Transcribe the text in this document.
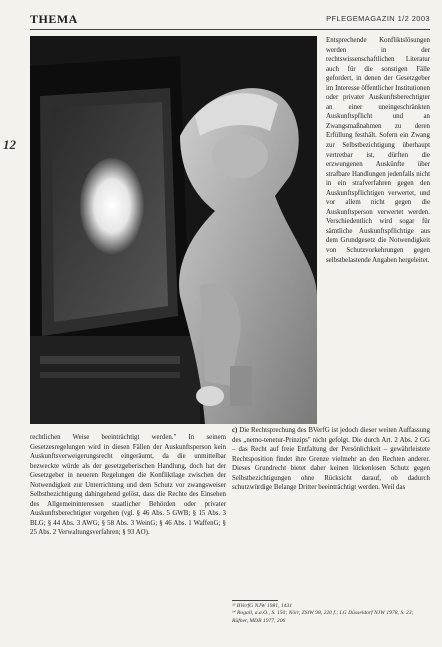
THEMA	PFLEGEMAGAZIN 1/2 2003
12
Das Zusammenspiel von Mensch und Maschine eine Quelle von Zwischenfällen

Entsprechende Konfliktslösungen werden in der rechtswissenschaftlichen Literatur auch für die sonstigen Fälle gefordert, in denen der Gesetzgeber im Interesse öffentlicher Institutionen oder privater Auskunftsberechtigter an einer uneingeschränkten Auskunftspflicht und an Zwangsmaßnahmen zu deren Erfüllung festhält. Sofern ein Zwang zur Selbstbezichtigung überhaupt vertretbar ist, dürften die erzwungenen Auskünfte über strafbare Handlungen jedenfalls nicht in ein strafverfahren gegen den Auskunftspflichtigen verwertet, und vor allem nicht gegen die Auskunftsperson verwertet werden. Verschiedentlich wird sogar für sämtliche Auskunftspflichtige aus dem Grundgesetz die Notwendigkeit von Schutzvorkehrungen gegen selbstbelastende Angaben hergeleitet.

rechtlichen Weise beeinträchtigt werden." In seinem Gesetzesregelungen wird in diesen Fällen der Auskunftsperson kein Auskunftsverweigerungsrecht eingeräumt, da die unmittelbar bezweckte würde als der gesetzgeberischen Handlung, doch hat der Gesetzgeber in neueren Regelungen die Konfliktlage zwischen der Notwendigkeit zur Unterrichtung und dem Schutz vor zwangsweiser Selbstbezichtigung dahingehend gelöst, dass die Rechte des Einsehen des Allgemeininteressen staatlicher Behörden oder privater Auskunftsberechtigter vorgehen (vgl. § 46 Abs. 5 GWB; § 15 Abs. 3 BLG; § 44 Abs. 3 AWG; § 58 Abs. 3 WeinG; § 46 Abs. 1 WaffenG; § 25 Abs. 2 Verwaltungsverfahren; § 93 AO).

c) Die Rechtsprechung des BVerfG ist jedoch dieser weiten Auffassung des „nemo-tenetur-Prinzips" nicht gefolgt. Die durch Art. 2 Abs. 2 GG – das Recht auf freie Entfaltung der Persönlichkeit – gewährleistete Rechtsposition findet ihre Grenze vielmehr an den Rechten anderer. Dieses Grundrecht bietet daher keinen lückenlosen Schutz gegen Selbstbezichtigungen ohne Rücksicht darauf, ob dadurch schutzwürdige Belange Dritter beeinträchtigt werden. Weil das

¹³ BVerfG NJW 1981, 1431

¹⁴ Rogall, a.a.O., S. 150; Nörr, ZStW 98, 220 f.; LG Düsseldorf NJW 1978, S. 23; Rüfner, MDR 1977, 206
